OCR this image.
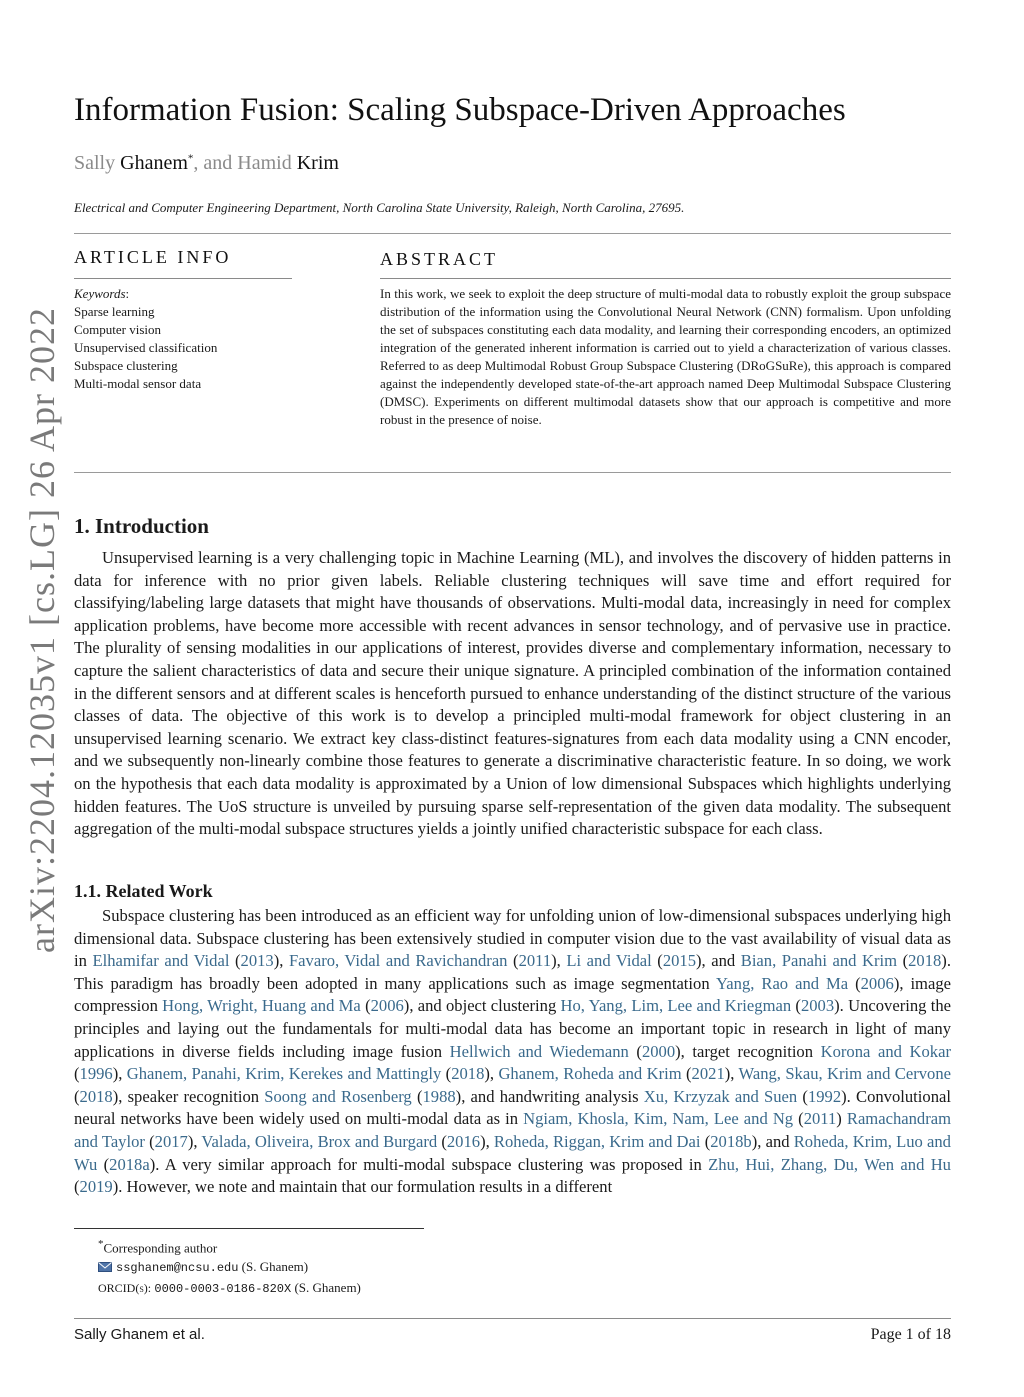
arXiv:2204.12035v1 [cs.LG] 26 Apr 2022
Information Fusion: Scaling Subspace-Driven Approaches
Sally Ghanem*, and Hamid Krim
Electrical and Computer Engineering Department, North Carolina State University, Raleigh, North Carolina, 27695.
ARTICLE INFO	ABSTRACT
Keywords:
Sparse learning
Computer vision
Unsupervised classification
Subspace clustering
Multi-modal sensor data
In this work, we seek to exploit the deep structure of multi-modal data to robustly exploit the group subspace distribution of the information using the Convolutional Neural Network (CNN) formalism. Upon unfolding the set of subspaces constituting each data modality, and learning their corresponding encoders, an optimized integration of the generated inherent information is carried out to yield a characterization of various classes. Referred to as deep Multimodal Robust Group Subspace Clustering (DRoGSuRe), this approach is compared against the independently developed state-of-the-art approach named Deep Multimodal Subspace Clustering (DMSC). Experiments on different multimodal datasets show that our approach is competitive and more robust in the presence of noise.
1. Introduction
Unsupervised learning is a very challenging topic in Machine Learning (ML), and involves the discovery of hidden patterns in data for inference with no prior given labels. Reliable clustering techniques will save time and effort required for classifying/labeling large datasets that might have thousands of observations. Multi-modal data, increasingly in need for complex application problems, have become more accessible with recent advances in sensor technology, and of pervasive use in practice. The plurality of sensing modalities in our applications of interest, provides diverse and complementary information, necessary to capture the salient characteristics of data and secure their unique signature. A principled combination of the information contained in the different sensors and at different scales is henceforth pursued to enhance understanding of the distinct structure of the various classes of data. The objective of this work is to develop a principled multi-modal framework for object clustering in an unsupervised learning scenario. We extract key class-distinct features-signatures from each data modality using a CNN encoder, and we subsequently non-linearly combine those features to generate a discriminative characteristic feature. In so doing, we work on the hypothesis that each data modality is approximated by a Union of low dimensional Subspaces which highlights underlying hidden features. The UoS structure is unveiled by pursuing sparse self-representation of the given data modality. The subsequent aggregation of the multi-modal subspace structures yields a jointly unified characteristic subspace for each class.
1.1. Related Work
Subspace clustering has been introduced as an efficient way for unfolding union of low-dimensional subspaces underlying high dimensional data. Subspace clustering has been extensively studied in computer vision due to the vast availability of visual data as in Elhamifar and Vidal (2013), Favaro, Vidal and Ravichandran (2011), Li and Vidal (2015), and Bian, Panahi and Krim (2018). This paradigm has broadly been adopted in many applications such as image segmentation Yang, Rao and Ma (2006), image compression Hong, Wright, Huang and Ma (2006), and object clustering Ho, Yang, Lim, Lee and Kriegman (2003). Uncovering the principles and laying out the fundamentals for multi-modal data has become an important topic in research in light of many applications in diverse fields including image fusion Hellwich and Wiedemann (2000), target recognition Korona and Kokar (1996), Ghanem, Panahi, Krim, Kerekes and Mattingly (2018), Ghanem, Roheda and Krim (2021), Wang, Skau, Krim and Cervone (2018), speaker recognition Soong and Rosenberg (1988), and handwriting analysis Xu, Krzyzak and Suen (1992). Convolutional neural networks have been widely used on multi-modal data as in Ngiam, Khosla, Kim, Nam, Lee and Ng (2011) Ramachandram and Taylor (2017), Valada, Oliveira, Brox and Burgard (2016), Roheda, Riggan, Krim and Dai (2018b), and Roheda, Krim, Luo and Wu (2018a). A very similar approach for multi-modal subspace clustering was proposed in Zhu, Hui, Zhang, Du, Wen and Hu (2019). However, we note and maintain that our formulation results in a different
*Corresponding author
ssghanem@ncsu.edu (S. Ghanem)
ORCID(s): 0000-0003-0186-820X (S. Ghanem)
Sally Ghanem et al.	Page 1 of 18
